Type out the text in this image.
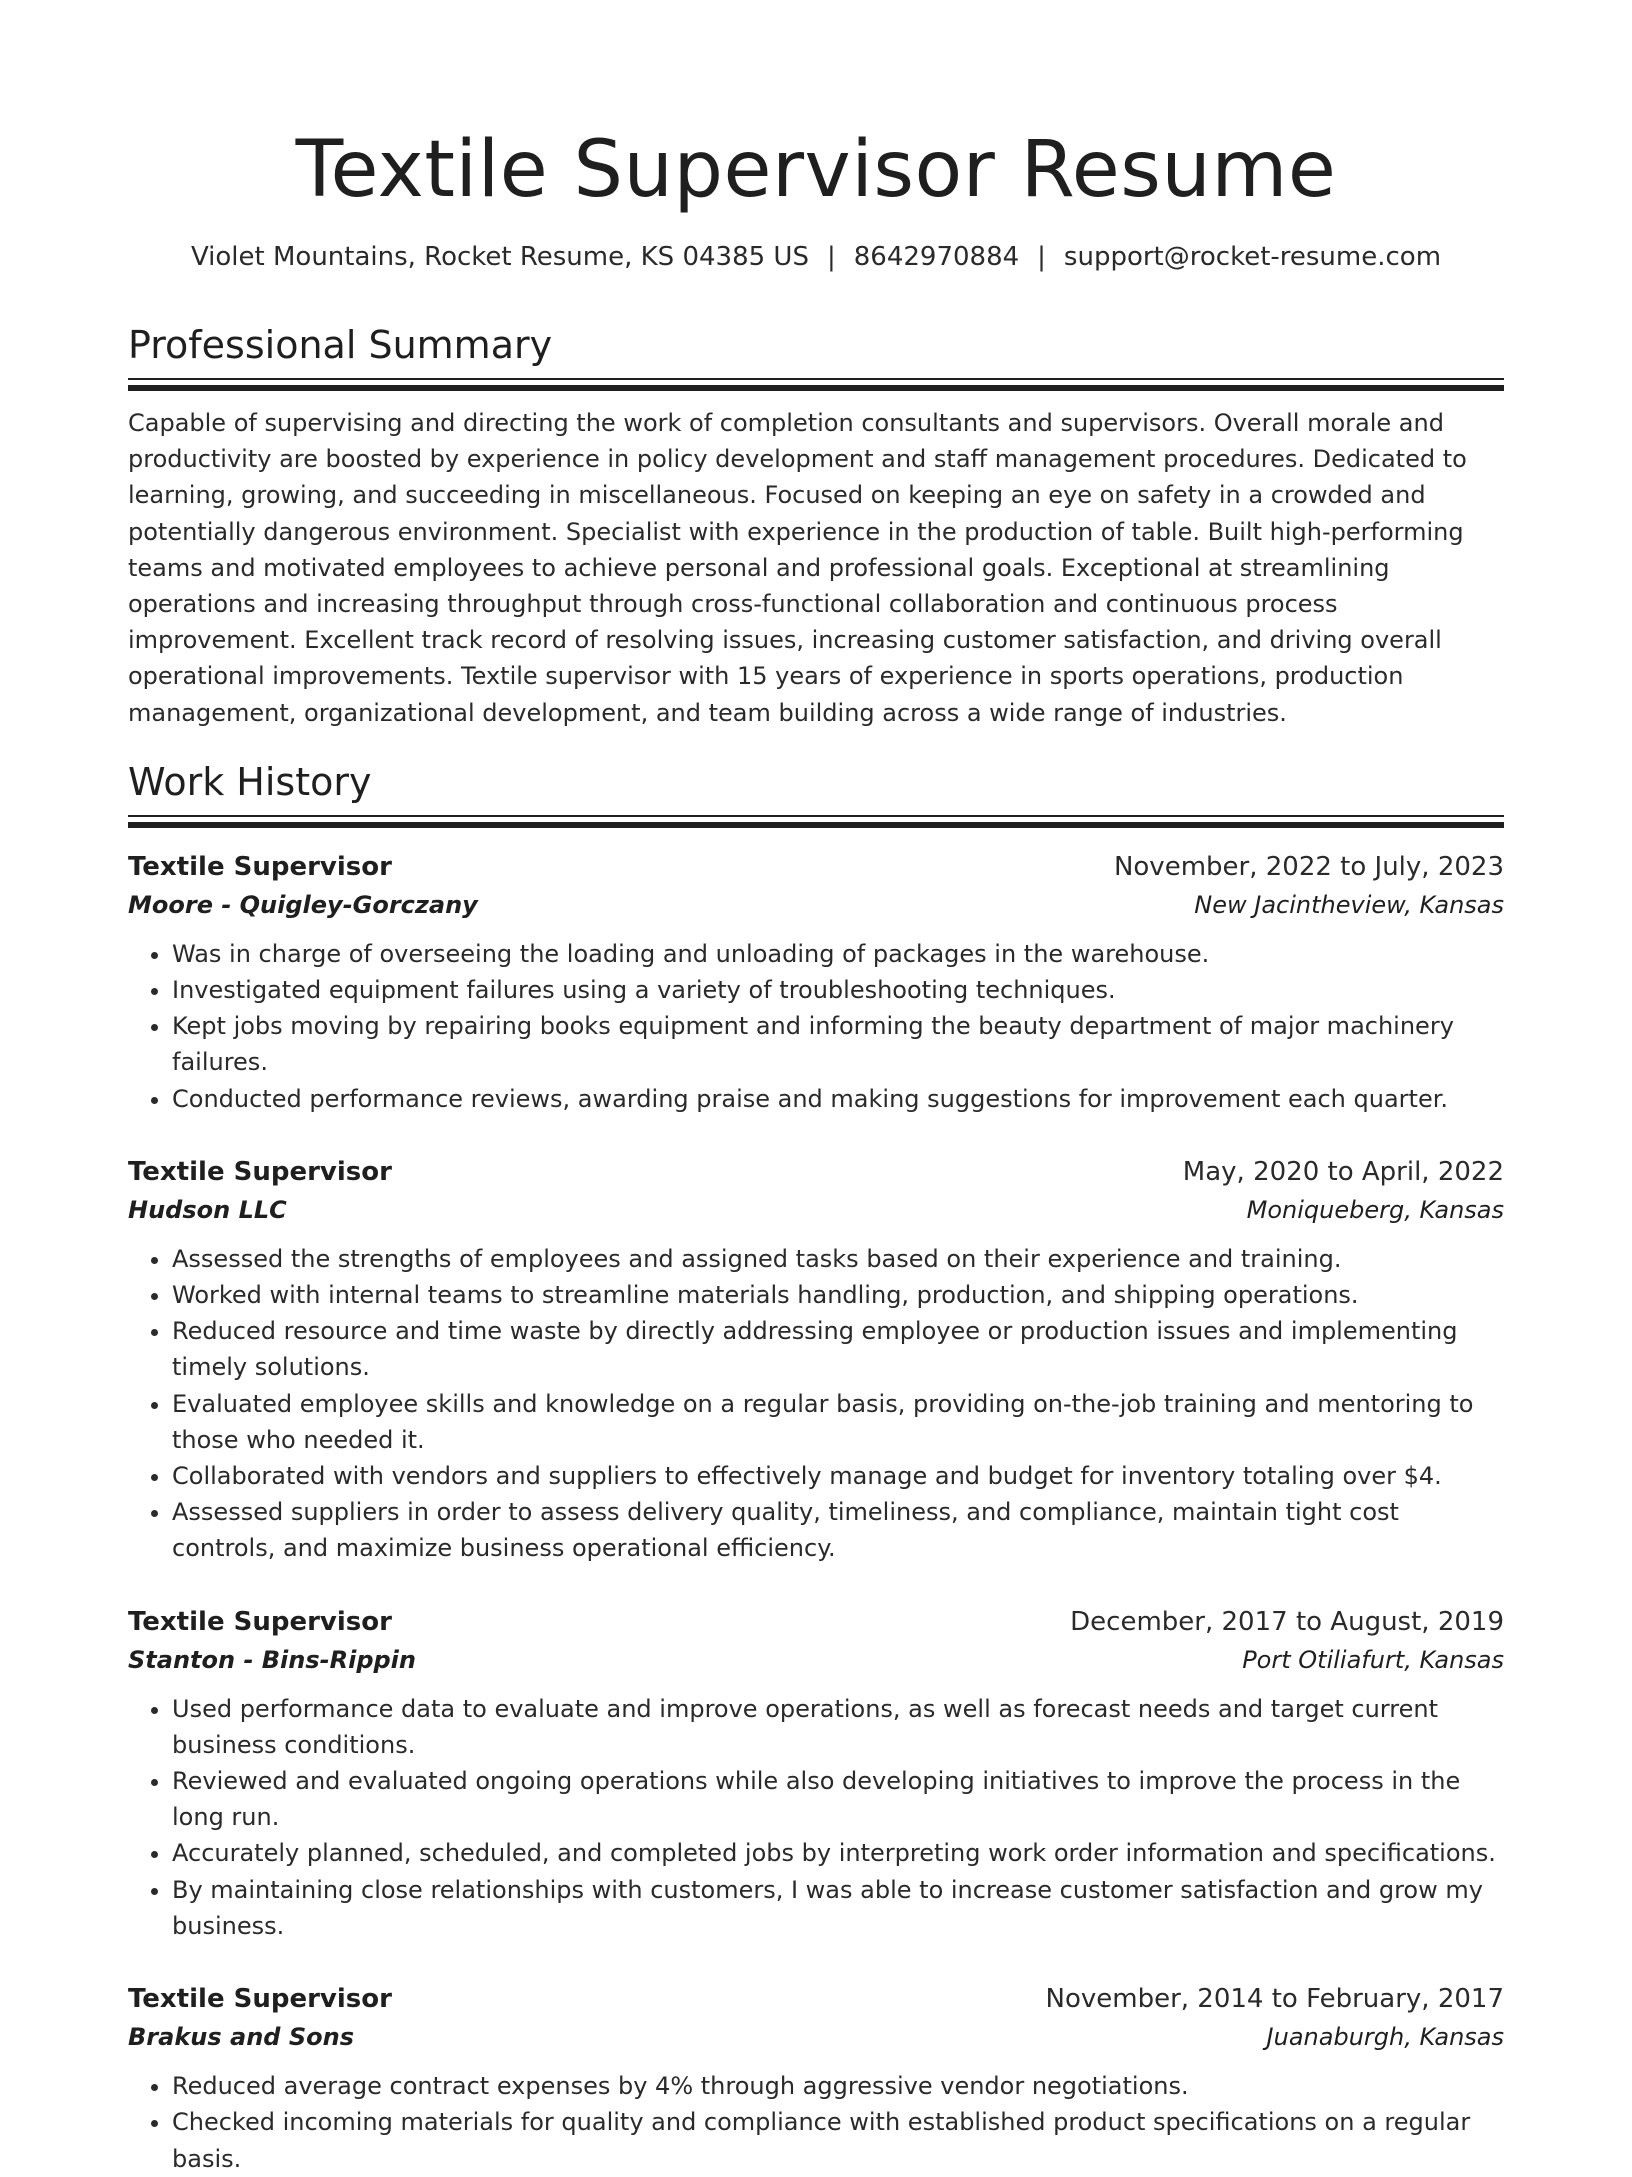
Textile Supervisor Resume
Violet Mountains, Rocket Resume, KS 04385 US | 8642970884 | support@rocket-resume.com
Professional Summary
Capable of supervising and directing the work of completion consultants and supervisors. Overall morale and productivity are boosted by experience in policy development and staff management procedures. Dedicated to learning, growing, and succeeding in miscellaneous. Focused on keeping an eye on safety in a crowded and potentially dangerous environment. Specialist with experience in the production of table. Built high-performing teams and motivated employees to achieve personal and professional goals. Exceptional at streamlining operations and increasing throughput through cross-functional collaboration and continuous process improvement. Excellent track record of resolving issues, increasing customer satisfaction, and driving overall operational improvements. Textile supervisor with 15 years of experience in sports operations, production management, organizational development, and team building across a wide range of industries.
Work History
Textile Supervisor	November, 2022 to July, 2023
Moore - Quigley-Gorczany	New Jacintheview, Kansas
• Was in charge of overseeing the loading and unloading of packages in the warehouse.
• Investigated equipment failures using a variety of troubleshooting techniques.
• Kept jobs moving by repairing books equipment and informing the beauty department of major machinery failures.
• Conducted performance reviews, awarding praise and making suggestions for improvement each quarter.
Textile Supervisor	May, 2020 to April, 2022
Hudson LLC	Moniqueberg, Kansas
• Assessed the strengths of employees and assigned tasks based on their experience and training.
• Worked with internal teams to streamline materials handling, production, and shipping operations.
• Reduced resource and time waste by directly addressing employee or production issues and implementing timely solutions.
• Evaluated employee skills and knowledge on a regular basis, providing on-the-job training and mentoring to those who needed it.
• Collaborated with vendors and suppliers to effectively manage and budget for inventory totaling over $4.
• Assessed suppliers in order to assess delivery quality, timeliness, and compliance, maintain tight cost controls, and maximize business operational efficiency.
Textile Supervisor	December, 2017 to August, 2019
Stanton - Bins-Rippin	Port Otiliafurt, Kansas
• Used performance data to evaluate and improve operations, as well as forecast needs and target current business conditions.
• Reviewed and evaluated ongoing operations while also developing initiatives to improve the process in the long run.
• Accurately planned, scheduled, and completed jobs by interpreting work order information and specifications.
• By maintaining close relationships with customers, I was able to increase customer satisfaction and grow my business.
Textile Supervisor	November, 2014 to February, 2017
Brakus and Sons	Juanaburgh, Kansas
• Reduced average contract expenses by 4% through aggressive vendor negotiations.
• Checked incoming materials for quality and compliance with established product specifications on a regular basis.
